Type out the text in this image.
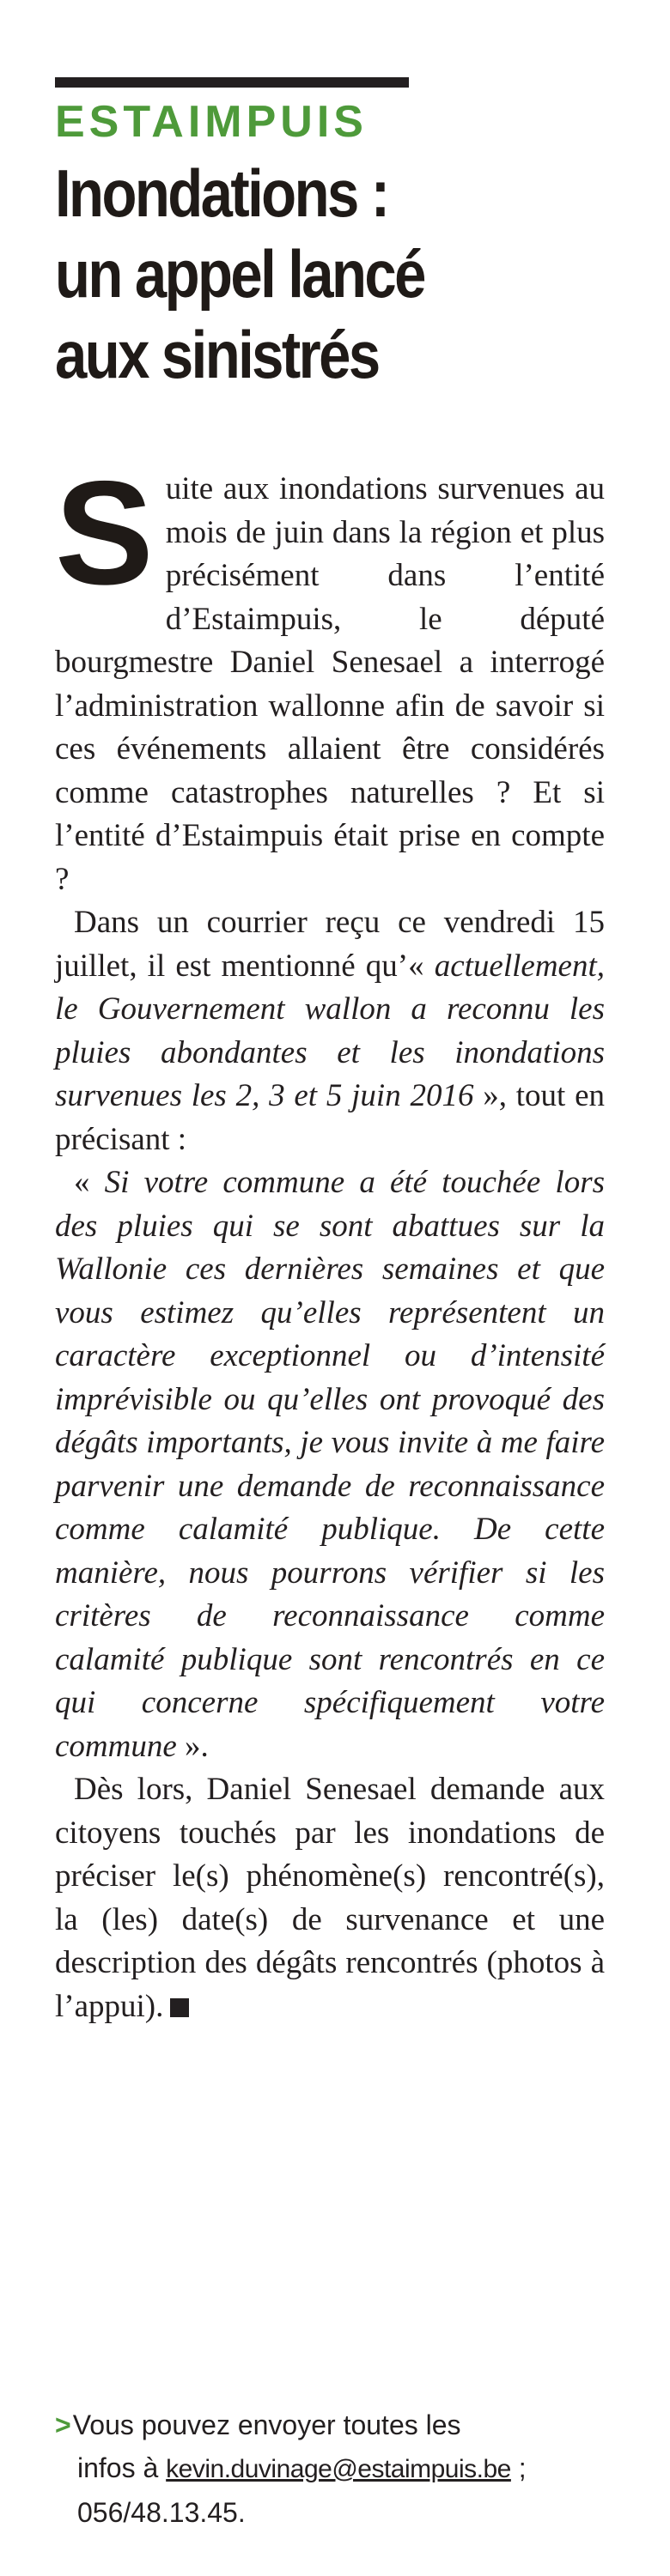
ESTAIMPUIS
Inondations :
un appel lancé
aux sinistrés

Suite aux inondations survenues au mois de juin dans la région et plus précisément dans l’entité d’Estaimpuis, le député bourgmestre Daniel Senesael a interrogé l’administration wallonne afin de savoir si ces événements allaient être considérés comme catastrophes naturelles ? Et si l’entité d’Estaimpuis était prise en compte ?

Dans un courrier reçu ce vendredi 15 juillet, il est mentionné qu’« actuellement, le Gouvernement wallon a reconnu les pluies abondantes et les inondations survenues les 2, 3 et 5 juin 2016 », tout en précisant :

« Si votre commune a été touchée lors des pluies qui se sont abattues sur la Wallonie ces dernières semaines et que vous estimez qu’elles représentent un caractère exceptionnel ou d’intensité imprévisible ou qu’elles ont provoqué des dégâts importants, je vous invite à me faire parvenir une demande de reconnaissance comme calamité publique. De cette manière, nous pourrons vérifier si les critères de reconnaissance comme calamité publique sont rencontrés en ce qui concerne spécifiquement votre commune ».

Dès lors, Daniel Senesael demande aux citoyens touchés par les inondations de préciser le(s) phénomène(s) rencontré(s), la (les) date(s) de survenance et une description des dégâts rencontrés (photos à l’appui).

>Vous pouvez envoyer toutes les
infos à kevin.duvinage@estaimpuis.be ;
056/48.13.45.
